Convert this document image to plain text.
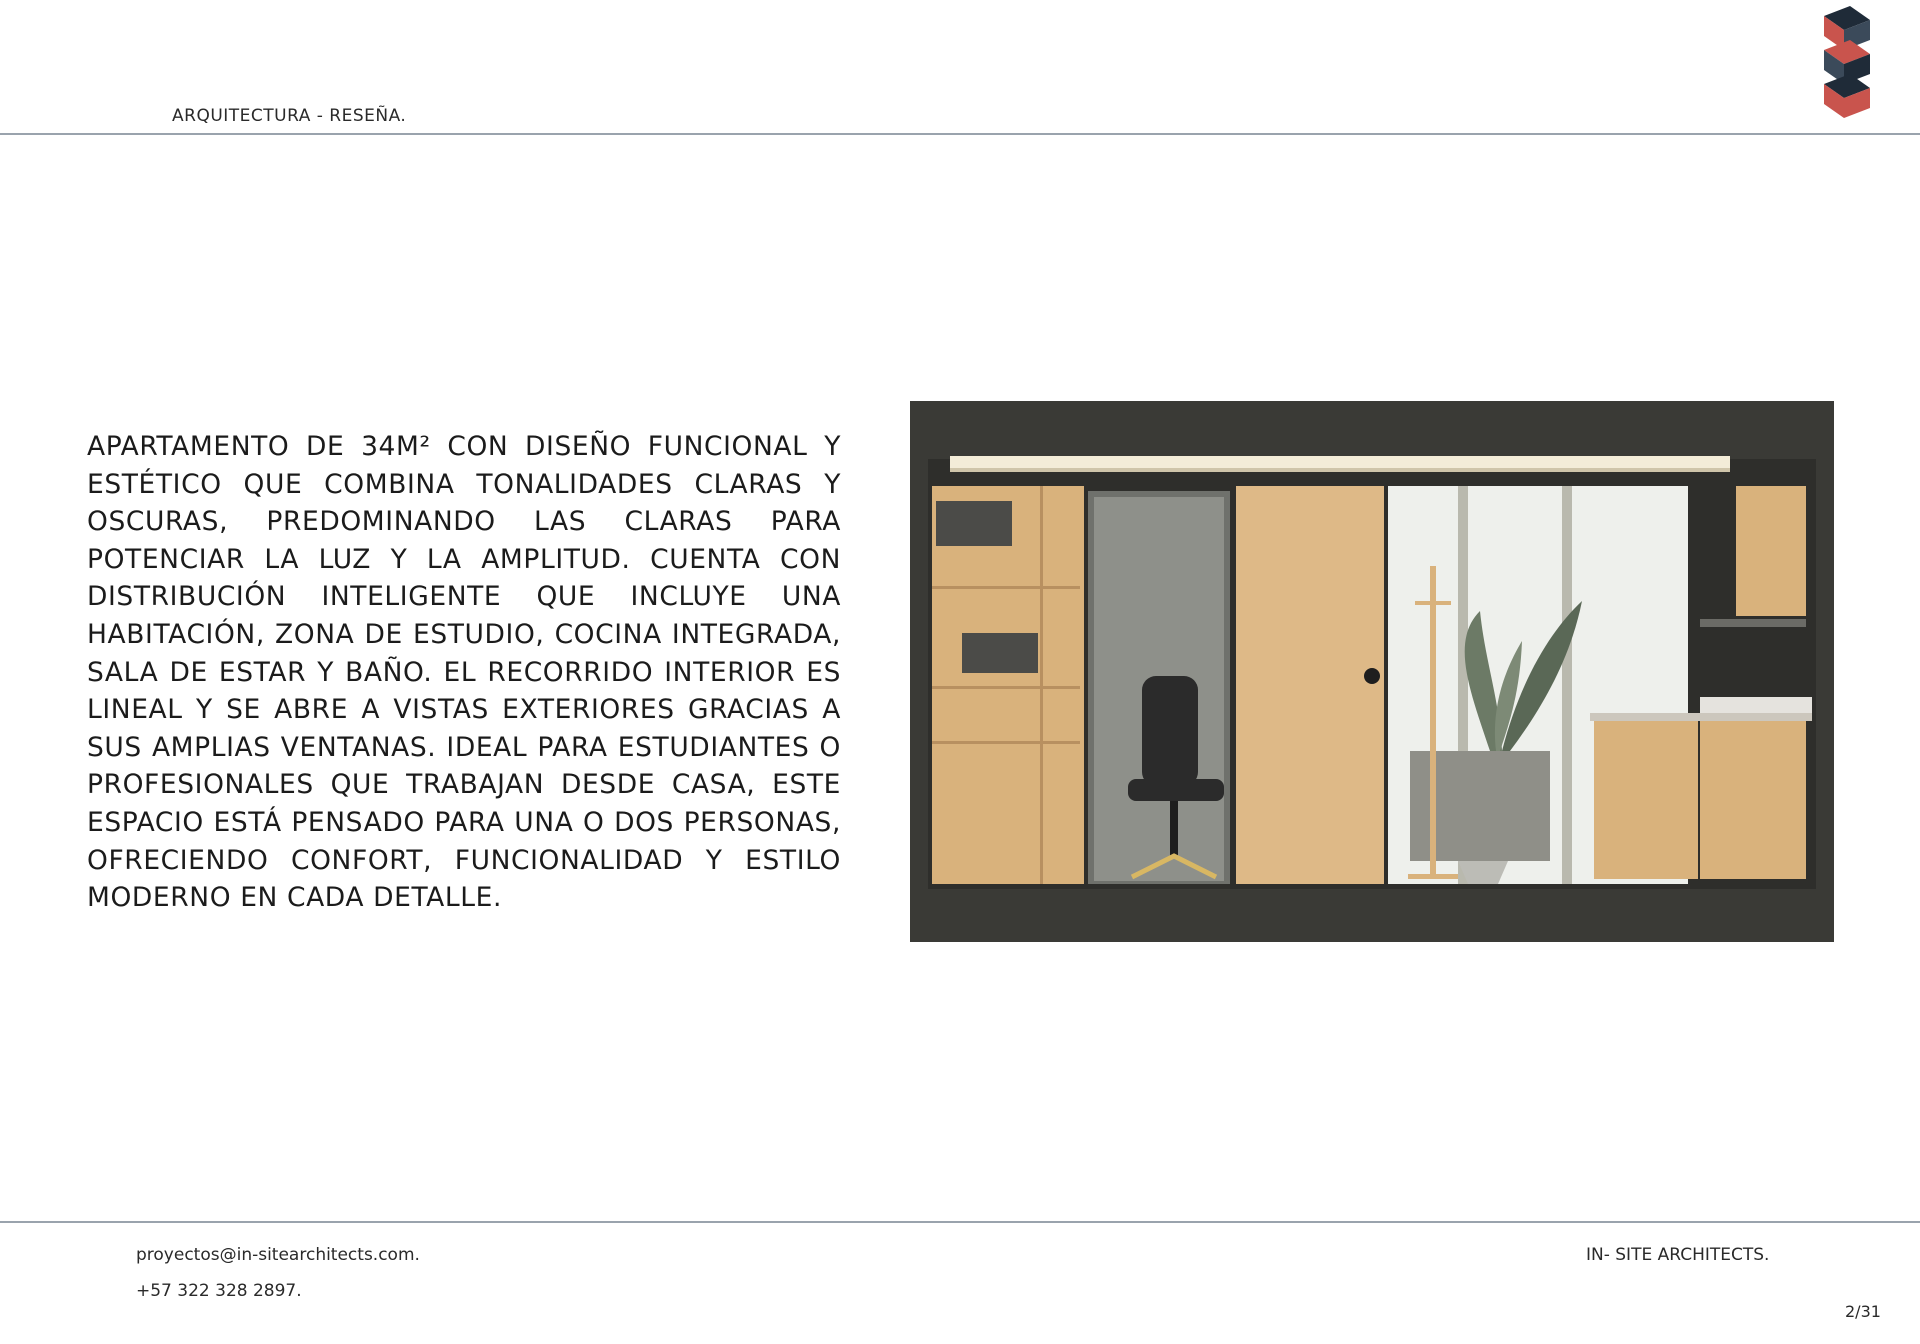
ARQUITECTURA - RESEÑA.
APARTAMENTO DE 34M² CON DISEÑO FUNCIONAL Y ESTÉTICO QUE COMBINA TONALIDADES CLARAS Y OSCURAS, PREDOMINANDO LAS CLARAS PARA POTENCIAR LA LUZ Y LA AMPLITUD. CUENTA CON DISTRIBUCIÓN INTELIGENTE QUE INCLUYE UNA HABITACIÓN, ZONA DE ESTUDIO, COCINA INTEGRADA, SALA DE ESTAR Y BAÑO. EL RECORRIDO INTERIOR ES LINEAL Y SE ABRE A VISTAS EXTERIORES GRACIAS A SUS AMPLIAS VENTANAS. IDEAL PARA ESTUDIANTES O PROFESIONALES QUE TRABAJAN DESDE CASA, ESTE ESPACIO ESTÁ PENSADO PARA UNA O DOS PERSONAS, OFRECIENDO CONFORT, FUNCIONALIDAD Y ESTILO MODERNO EN CADA DETALLE.
proyectos@in-sitearchitects.com.
+57 322 328 2897.
IN- SITE ARCHITECTS.
2/31
